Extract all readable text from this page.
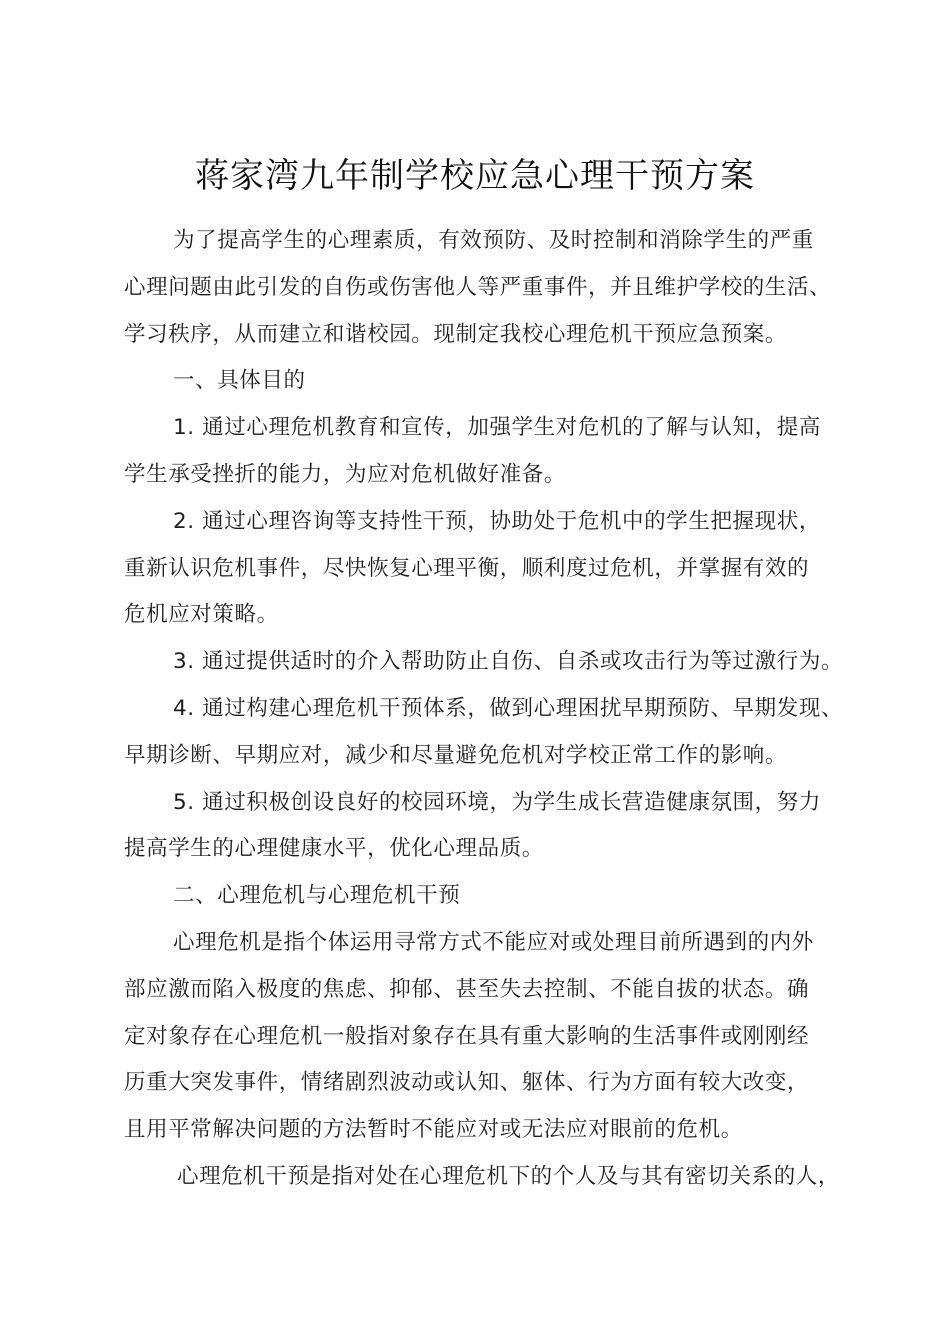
蒋家湾九年制学校应急心理干预方案
为了提高学生的心理素质，有效预防、及时控制和消除学生的严重
心理问题由此引发的自伤或伤害他人等严重事件，并且维护学校的生活、
学习秩序，从而建立和谐校园。现制定我校心理危机干预应急预案。
一、具体目的
1. 通过心理危机教育和宣传，加强学生对危机的了解与认知，提高
学生承受挫折的能力，为应对危机做好准备。
2. 通过心理咨询等支持性干预，协助处于危机中的学生把握现状，
重新认识危机事件，尽快恢复心理平衡，顺利度过危机，并掌握有效的
危机应对策略。
3. 通过提供适时的介入帮助防止自伤、自杀或攻击行为等过激行为。
4. 通过构建心理危机干预体系，做到心理困扰早期预防、早期发现、
早期诊断、早期应对，减少和尽量避免危机对学校正常工作的影响。
5. 通过积极创设良好的校园环境，为学生成长营造健康氛围，努力
提高学生的心理健康水平，优化心理品质。
二、心理危机与心理危机干预
心理危机是指个体运用寻常方式不能应对或处理目前所遇到的内外
部应激而陷入极度的焦虑、抑郁、甚至失去控制、不能自拔的状态。确
定对象存在心理危机一般指对象存在具有重大影响的生活事件或刚刚经
历重大突发事件，情绪剧烈波动或认知、躯体、行为方面有较大改变，
且用平常解决问题的方法暂时不能应对或无法应对眼前的危机。
心理危机干预是指对处在心理危机下的个人及与其有密切关系的人，
